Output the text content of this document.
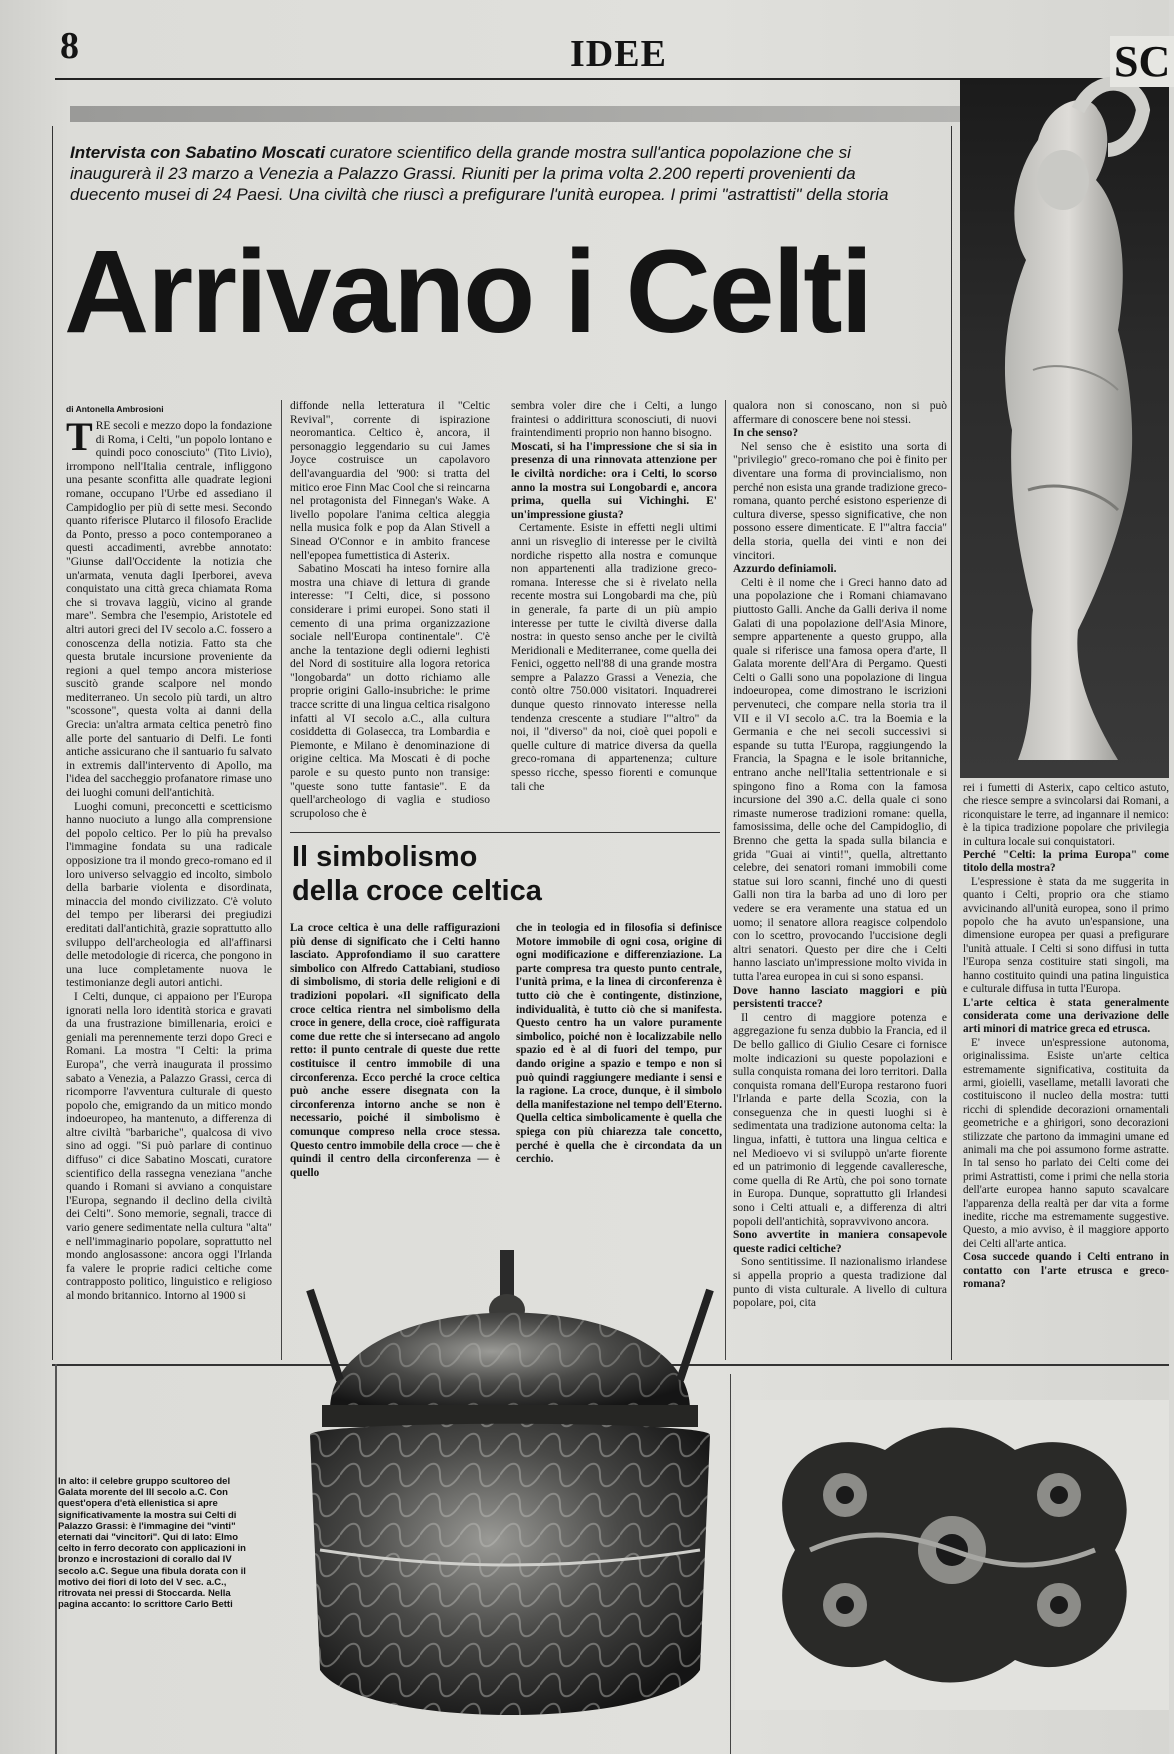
8	IDEE	SC
Intervista con Sabatino Moscati curatore scientifico della grande mostra sull'antica popolazione che si inaugurerà il 23 marzo a Venezia a Palazzo Grassi. Riuniti per la prima volta 2.200 reperti provenienti da duecento musei di 24 Paesi. Una civiltà che riuscì a prefigurare l'unità europea. I primi "astrattisti" della storia
Arrivano i Celti
di Antonella Ambrosioni

TRE secoli e mezzo dopo la fondazione di Roma, i Celti, "un popolo lontano e quindi poco conosciuto" (Tito Livio), irrompono nell'Italia centrale, infliggono una pesante sconfitta alle quadrate legioni romane, occupano l'Urbe ed assediano il Campidoglio per più di sette mesi. Secondo quanto riferisce Plutarco il filosofo Eraclide da Ponto, presso a poco contemporaneo a questi accadimenti, avrebbe annotato: "Giunse dall'Occidente la notizia che un'armata, venuta dagli Iperborei, aveva conquistato una città greca chiamata Roma che si trovava laggiù, vicino al grande mare". Sembra che l'esempio, Aristotele ed altri autori greci del IV secolo a.C. fossero a conoscenza della notizia. Fatto sta che questa brutale incursione proveniente da regioni a quel tempo ancora misteriose suscitò grande scalpore nel mondo mediterraneo. Un secolo più tardi, un altro "scossone", questa volta ai danni della Grecia: un'altra armata celtica penetrò fino alle porte del santuario di Delfi. Le fonti antiche assicurano che il santuario fu salvato in extremis dall'intervento di Apollo, ma l'idea del saccheggio profanatore rimase uno dei luoghi comuni dell'antichità.

Luoghi comuni, preconcetti e scetticismo hanno nuociuto a lungo alla comprensione del popolo celtico. Per lo più ha prevalso l'immagine fondata su una radicale opposizione tra il mondo greco-romano ed il loro universo selvaggio ed incolto, simbolo della barbarie violenta e disordinata, minaccia del mondo civilizzato. C'è voluto del tempo per liberarsi dei pregiudizi ereditati dall'antichità, grazie soprattutto allo sviluppo dell'archeologia ed all'affinarsi delle metodologie di ricerca, che pongono in una luce completamente nuova le testimonianze degli autori antichi.

I Celti, dunque, ci appaiono per l'Europa ignorati nella loro identità storica e gravati da una frustrazione bimillenaria, eroici e geniali ma perennemente terzi dopo Greci e Romani. La mostra "I Celti: la prima Europa", che verrà inaugurata il prossimo sabato a Venezia, a Palazzo Grassi, cerca di ricomporre l'avventura culturale di questo popolo che, emigrando da un mitico mondo indoeuropeo, ha mantenuto, a differenza di altre civiltà "barbariche", qualcosa di vivo sino ad oggi. "Si può parlare di continuo diffuso" ci dice Sabatino Moscati, curatore scientifico della rassegna veneziana "anche quando i Romani si avviano a conquistare l'Europa, segnando il declino della civiltà dei Celti". Sono memorie, segnali, tracce di vario genere sedimentate nella cultura "alta" e nell'immaginario popolare, soprattutto nel mondo anglosassone: ancora oggi l'Irlanda fa valere le proprie radici celtiche come contrapposto politico, linguistico e religioso al mondo britannico. Intorno al 1900 si

diffonde nella letteratura il "Celtic Revival", corrente di ispirazione neoromantica. Celtico è, ancora, il personaggio leggendario su cui James Joyce costruisce un capolavoro dell'avanguardia del '900: si tratta del mitico eroe Finn Mac Cool che si reincarna nel protagonista del Finnegan's Wake. A livello popolare l'anima celtica aleggia nella musica folk e pop da Alan Stivell a Sinead O'Connor e in ambito francese nell'epopea fumettistica di Asterix.

Sabatino Moscati ha inteso fornire alla mostra una chiave di lettura di grande interesse: "I Celti, dice, si possono considerare i primi europei. Sono stati il cemento di una prima organizzazione sociale nell'Europa continentale". C'è anche la tentazione degli odierni leghisti del Nord di sostituire alla logora retorica "longobarda" un dotto richiamo alle proprie origini Gallo-insubriche: le prime tracce scritte di una lingua celtica risalgono infatti al VI secolo a.C., alla cultura cosiddetta di Golasecca, tra Lombardia e Piemonte, e Milano è denominazione di origine celtica. Ma Moscati è di poche parole e su questo punto non transige: "queste sono tutte fantasie". E da quell'archeologo di vaglia e studioso scrupoloso che è

sembra voler dire che i Celti, a lungo fraintesi o addirittura sconosciuti, di nuovi fraintendimenti proprio non hanno bisogno.

Moscati, si ha l'impressione che si sia in presenza di una rinnovata attenzione per le civiltà nordiche: ora i Celti, lo scorso anno la mostra sui Longobardi e, ancora prima, quella sui Vichinghi. E' un'impressione giusta?

Certamente. Esiste in effetti negli ultimi anni un risveglio di interesse per le civiltà nordiche rispetto alla nostra e comunque non appartenenti alla tradizione greco-romana. Interesse che si è rivelato nella recente mostra sui Longobardi ma che, più in generale, fa parte di un più ampio interesse per tutte le civiltà diverse dalla nostra: in questo senso anche per le civiltà Meridionali e Mediterranee, come quella dei Fenici, oggetto nell'88 di una grande mostra sempre a Palazzo Grassi a Venezia, che contò oltre 750.000 visitatori. Inquadrerei dunque questo rinnovato interesse nella tendenza crescente a studiare l'"altro" da noi, il "diverso" da noi, cioè quei popoli e quelle culture di matrice diversa da quella greco-romana di appartenenza; culture spesso ricche, spesso fiorenti e comunque tali che

qualora non si conoscano, non si può affermare di conoscere bene noi stessi.

In che senso?

Nel senso che è esistito una sorta di "privilegio" greco-romano che poi è finito per diventare una forma di provincialismo, non perché non esista una grande tradizione greco-romana, quanto perché esistono esperienze di cultura diverse, spesso significative, che non possono essere dimenticate. E l'"altra faccia" della storia, quella dei vinti e non dei vincitori.

Azzurdo definiamoli.

Celti è il nome che i Greci hanno dato ad una popolazione che i Romani chiamavano piuttosto Galli. Anche da Galli deriva il nome Galati di una popolazione dell'Asia Minore, sempre appartenente a questo gruppo, alla quale si riferisce una famosa opera d'arte, Il Galata morente dell'Ara di Pergamo. Questi Celti o Galli sono una popolazione di lingua indoeuropea, come dimostrano le iscrizioni pervenuteci, che compare nella storia tra il VII e il VI secolo a.C. tra la Boemia e la Germania e che nei secoli successivi si espande su tutta l'Europa, raggiungendo la Francia, la Spagna e le isole britanniche, entrano anche nell'Italia settentrionale e si spingono fino a Roma con la famosa incursione del 390 a.C. della quale ci sono rimaste numerose tradizioni romane: quella, famosissima, delle oche del Campidoglio, di Brenno che getta la spada sulla bilancia e grida "Guai ai vinti!", quella, altrettanto celebre, dei senatori romani immobili come statue sui loro scanni, finché uno di questi Galli non tira la barba ad uno di loro per vedere se era veramente una statua ed un uomo; il senatore allora reagisce colpendolo con lo scettro, provocando l'uccisione degli altri senatori. Questo per dire che i Celti hanno lasciato un'impressione molto vivida in tutta l'area europea in cui si sono espansi.

Dove hanno lasciato maggiori e più persistenti tracce?

Il centro di maggiore potenza e aggregazione fu senza dubbio la Francia, ed il De bello gallico di Giulio Cesare ci fornisce molte indicazioni su queste popolazioni e sulla conquista romana dei loro territori. Dalla conquista romana dell'Europa restarono fuori l'Irlanda e parte della Scozia, con la conseguenza che in questi luoghi si è sedimentata una tradizione autonoma celta: la lingua, infatti, è tuttora una lingua celtica e nel Medioevo vi si sviluppò un'arte fiorente ed un patrimonio di leggende cavalleresche, come quella di Re Artù, che poi sono tornate in Europa. Dunque, soprattutto gli Irlandesi sono i Celti attuali e, a differenza di altri popoli dell'antichità, sopravvivono ancora.

Sono avvertite in maniera consapevole queste radici celtiche?

Sono sentitissime. Il nazionalismo irlandese si appella proprio a questa tradizione dal punto di vista culturale. A livello di cultura popolare, poi, cita

Il simbolismo
della croce celtica

La croce celtica è una delle raffigurazioni più dense di significato che i Celti hanno lasciato. Approfondiamo il suo carattere simbolico con Alfredo Cattabiani, studioso di simbolismo, di storia delle religioni e di tradizioni popolari. «Il significato della croce celtica rientra nel simbolismo della croce in genere, della croce, cioè raffigurata come due rette che si intersecano ad angolo retto: il punto centrale di queste due rette costituisce il centro immobile di una circonferenza. Ecco perché la croce celtica può anche essere disegnata con la circonferenza intorno anche se non è necessario, poiché il simbolismo è comunque compreso nella croce stessa. Questo centro immobile della croce — che è quindi il centro della circonferenza — è quello

che in teologia ed in filosofia si definisce Motore immobile di ogni cosa, origine di ogni modificazione e differenziazione. La parte compresa tra questo punto centrale, l'unità prima, e la linea di circonferenza è tutto ciò che è contingente, distinzione, individualità, è tutto ciò che si manifesta. Questo centro ha un valore puramente simbolico, poiché non è localizzabile nello spazio ed è al di fuori del tempo, pur dando origine a spazio e tempo e non si può quindi raggiungere mediante i sensi e la ragione. La croce, dunque, è il simbolo della manifestazione nel tempo dell'Eterno. Quella celtica simbolicamente è quella che spiega con più chiarezza tale concetto, perché è quella che è circondata da un cerchio.

rei i fumetti di Asterix, capo celtico astuto, che riesce sempre a svincolarsi dai Romani, a riconquistare le terre, ad ingannare il nemico: è la tipica tradizione popolare che privilegia in cultura locale sui conquistatori.

Perché "Celti: la prima Europa" come titolo della mostra?

L'espressione è stata da me suggerita in quanto i Celti, proprio ora che stiamo avvicinando all'unità europea, sono il primo popolo che ha avuto un'espansione, una dimensione europea per quasi a prefigurare l'unità attuale. I Celti si sono diffusi in tutta l'Europa senza costituire stati singoli, ma hanno costituito quindi una patina linguistica e culturale diffusa in tutta l'Europa.

L'arte celtica è stata generalmente considerata come una derivazione delle arti minori di matrice greca ed etrusca.

E' invece un'espressione autonoma, originalissima. Esiste un'arte celtica estremamente significativa, costituita da armi, gioielli, vasellame, metalli lavorati che costituiscono il nucleo della mostra: tutti ricchi di splendide decorazioni ornamentali geometriche e a ghirigori, sono decorazioni stilizzate che partono da immagini umane ed animali ma che poi assumono forme astratte. In tal senso ho parlato dei Celti come dei primi Astrattisti, come i primi che nella storia dell'arte europea hanno saputo scavalcare l'apparenza della realtà per dar vita a forme inedite, ricche ma estremamente suggestive. Questo, a mio avviso, è il maggiore apporto dei Celti all'arte antica.

Cosa succede quando i Celti entrano in contatto con l'arte etrusca e greco-romana?

In alto: il celebre gruppo scultoreo del Galata morente del III secolo a.C. Con quest'opera d'età ellenistica si apre significativamente la mostra sui Celti di Palazzo Grassi: è l'immagine dei "vinti" eternati dai "vincitori". Qui di lato: Elmo celto in ferro decorato con applicazioni in bronzo e incrostazioni di corallo dal IV secolo a.C. Segue una fibula dorata con il motivo dei fiori di loto del V sec. a.C., ritrovata nei pressi di Stoccarda. Nella pagina accanto: lo scrittore Carlo Betti
